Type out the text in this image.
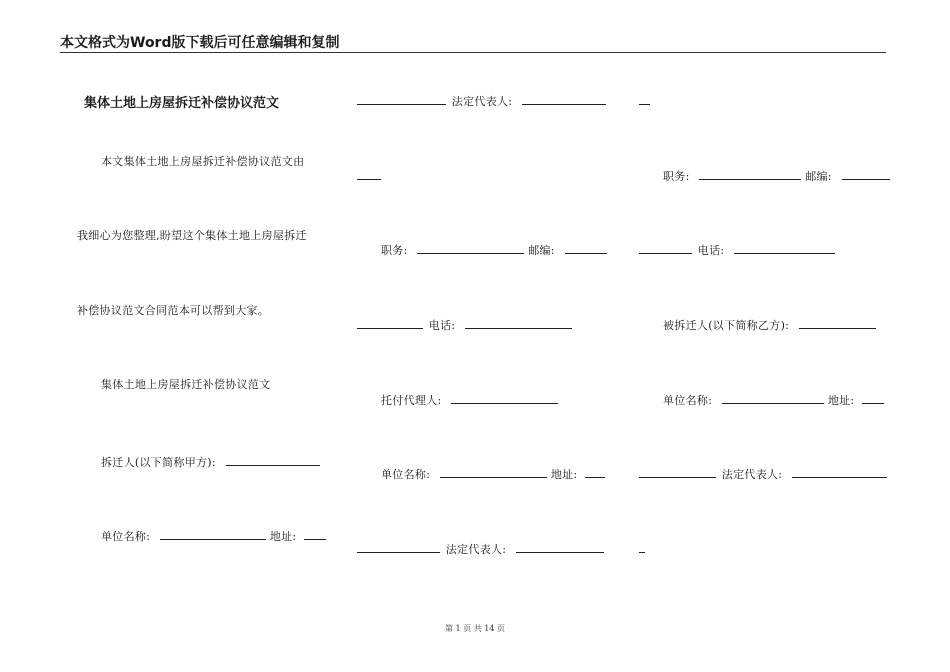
本文格式为Word版下载后可任意编辑和复制
集体土地上房屋拆迁补偿协议范文
本文集体土地上房屋拆迁补偿协议范文由
我细心为您整理,盼望这个集体土地上房屋拆迁
补偿协议范文合同范本可以帮到大家。
集体土地上房屋拆迁补偿协议范文
拆迁人(以下简称甲方):
单位名称:	地址:
法定代表人:
职务:	邮编:
电话:
托付代理人:
单位名称:	地址:
法定代表人:
职务:	邮编:
电话:
被拆迁人(以下简称乙方):
单位名称:	地址:
法定代表人:
第 1 页 共 14 页
